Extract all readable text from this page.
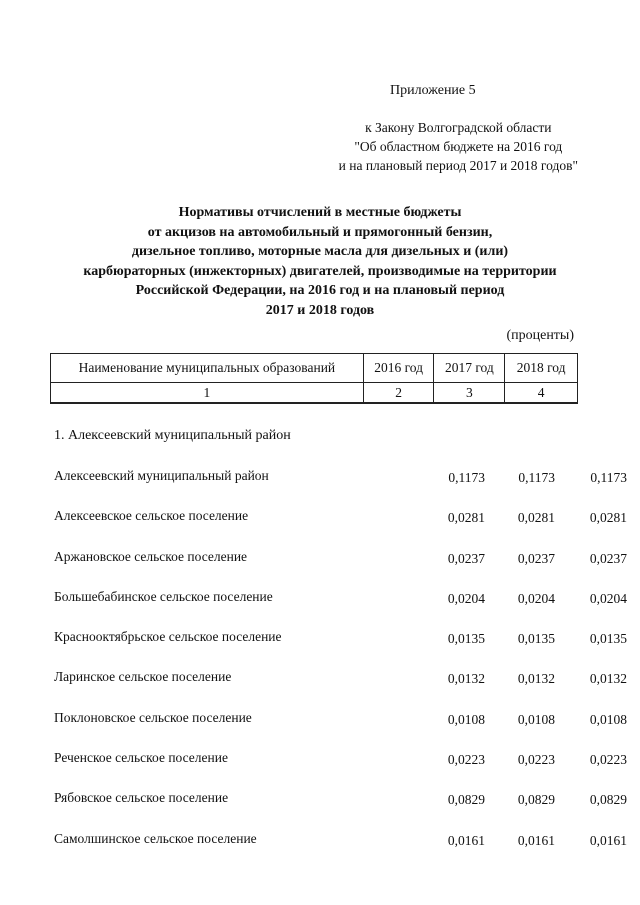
Приложение 5
к Закону Волгоградской области
"Об областном бюджете на 2016 год
и на плановый период 2017 и 2018 годов"
Нормативы отчислений в местные бюджеты
от акцизов на автомобильный и прямогонный бензин,
дизельное топливо, моторные масла для дизельных и (или)
карбюраторных (инжекторных) двигателей, производимые на территории
Российской Федерации, на 2016 год и на плановый период
2017 и 2018 годов
(проценты)
Наименование муниципальных образований	2016 год	2017 год	2018 год
1	2	3	4
1. Алексеевский муниципальный район
Алексеевский муниципальный район	0,1173	0,1173	0,1173
Алексеевское сельское поселение	0,0281	0,0281	0,0281
Аржановское сельское поселение	0,0237	0,0237	0,0237
Большебабинское сельское поселение	0,0204	0,0204	0,0204
Краснооктябрьское сельское поселение	0,0135	0,0135	0,0135
Ларинское сельское поселение	0,0132	0,0132	0,0132
Поклоновское сельское поселение	0,0108	0,0108	0,0108
Реченское сельское поселение	0,0223	0,0223	0,0223
Рябовское сельское поселение	0,0829	0,0829	0,0829
Самолшинское сельское поселение	0,0161	0,0161	0,0161
